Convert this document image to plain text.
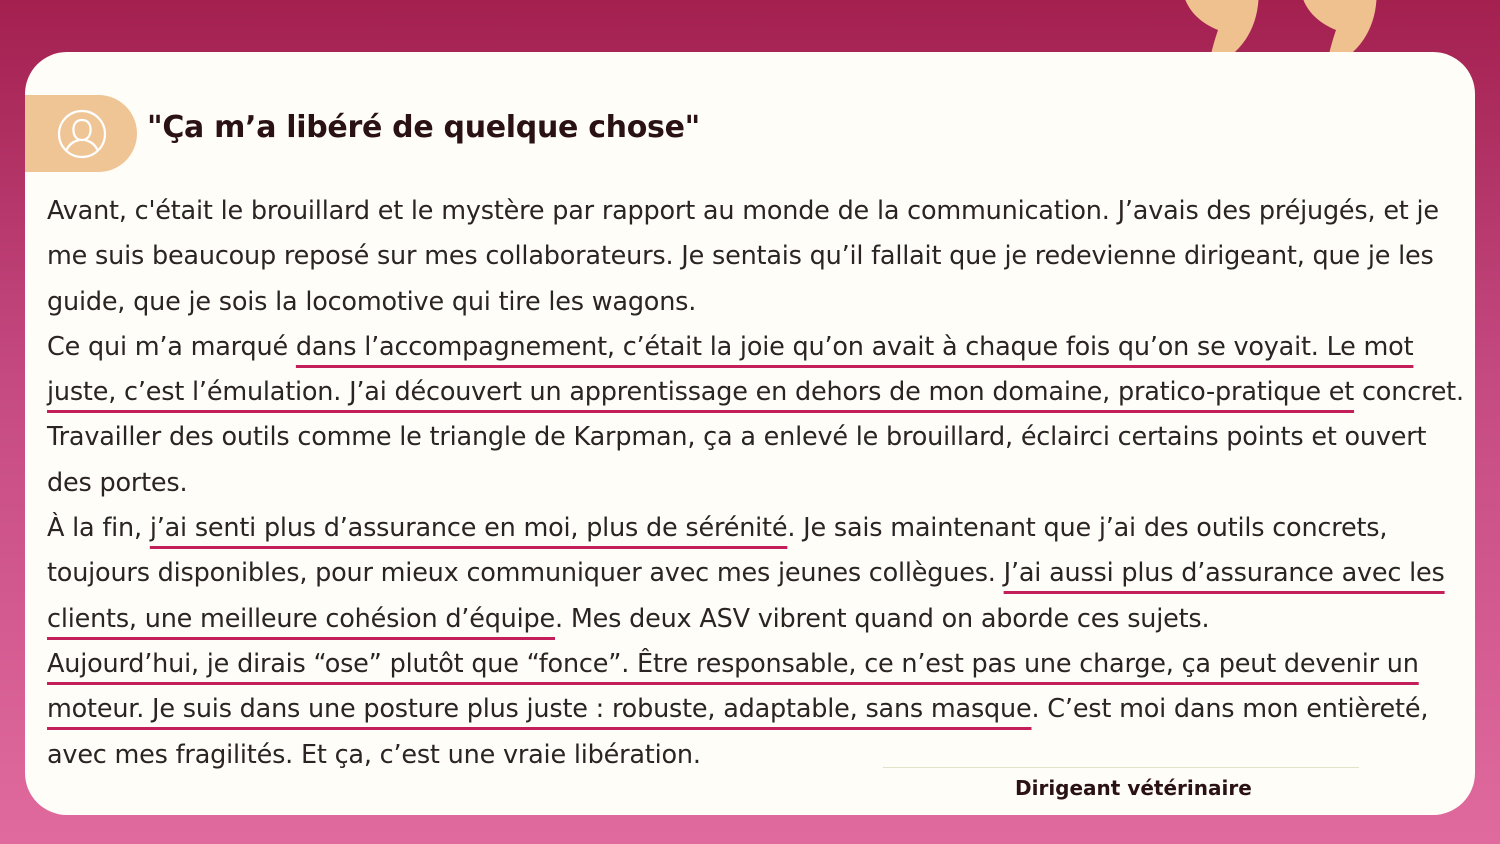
"Ça m’a libéré de quelque chose"

Avant, c'était le brouillard et le mystère par rapport au monde de la communication. J’avais des préjugés, et je me suis beaucoup reposé sur mes collaborateurs. Je sentais qu’il fallait que je redevienne dirigeant, que je les guide, que je sois la locomotive qui tire les wagons.

Ce qui m’a marqué dans l’accompagnement, c’était la joie qu’on avait à chaque fois qu’on se voyait. Le mot juste, c’est l’émulation. J’ai découvert un apprentissage en dehors de mon domaine, pratico-pratique et concret. Travailler des outils comme le triangle de Karpman, ça a enlevé le brouillard, éclairci certains points et ouvert des portes.

À la fin, j’ai senti plus d’assurance en moi, plus de sérénité. Je sais maintenant que j’ai des outils concrets, toujours disponibles, pour mieux communiquer avec mes jeunes collègues. J’ai aussi plus d’assurance avec les clients, une meilleure cohésion d’équipe. Mes deux ASV vibrent quand on aborde ces sujets.

Aujourd’hui, je dirais “ose” plutôt que “fonce”. Être responsable, ce n’est pas une charge, ça peut devenir un moteur. Je suis dans une posture plus juste : robuste, adaptable, sans masque. C’est moi dans mon entièreté, avec mes fragilités. Et ça, c’est une vraie libération.

Dirigeant vétérinaire
